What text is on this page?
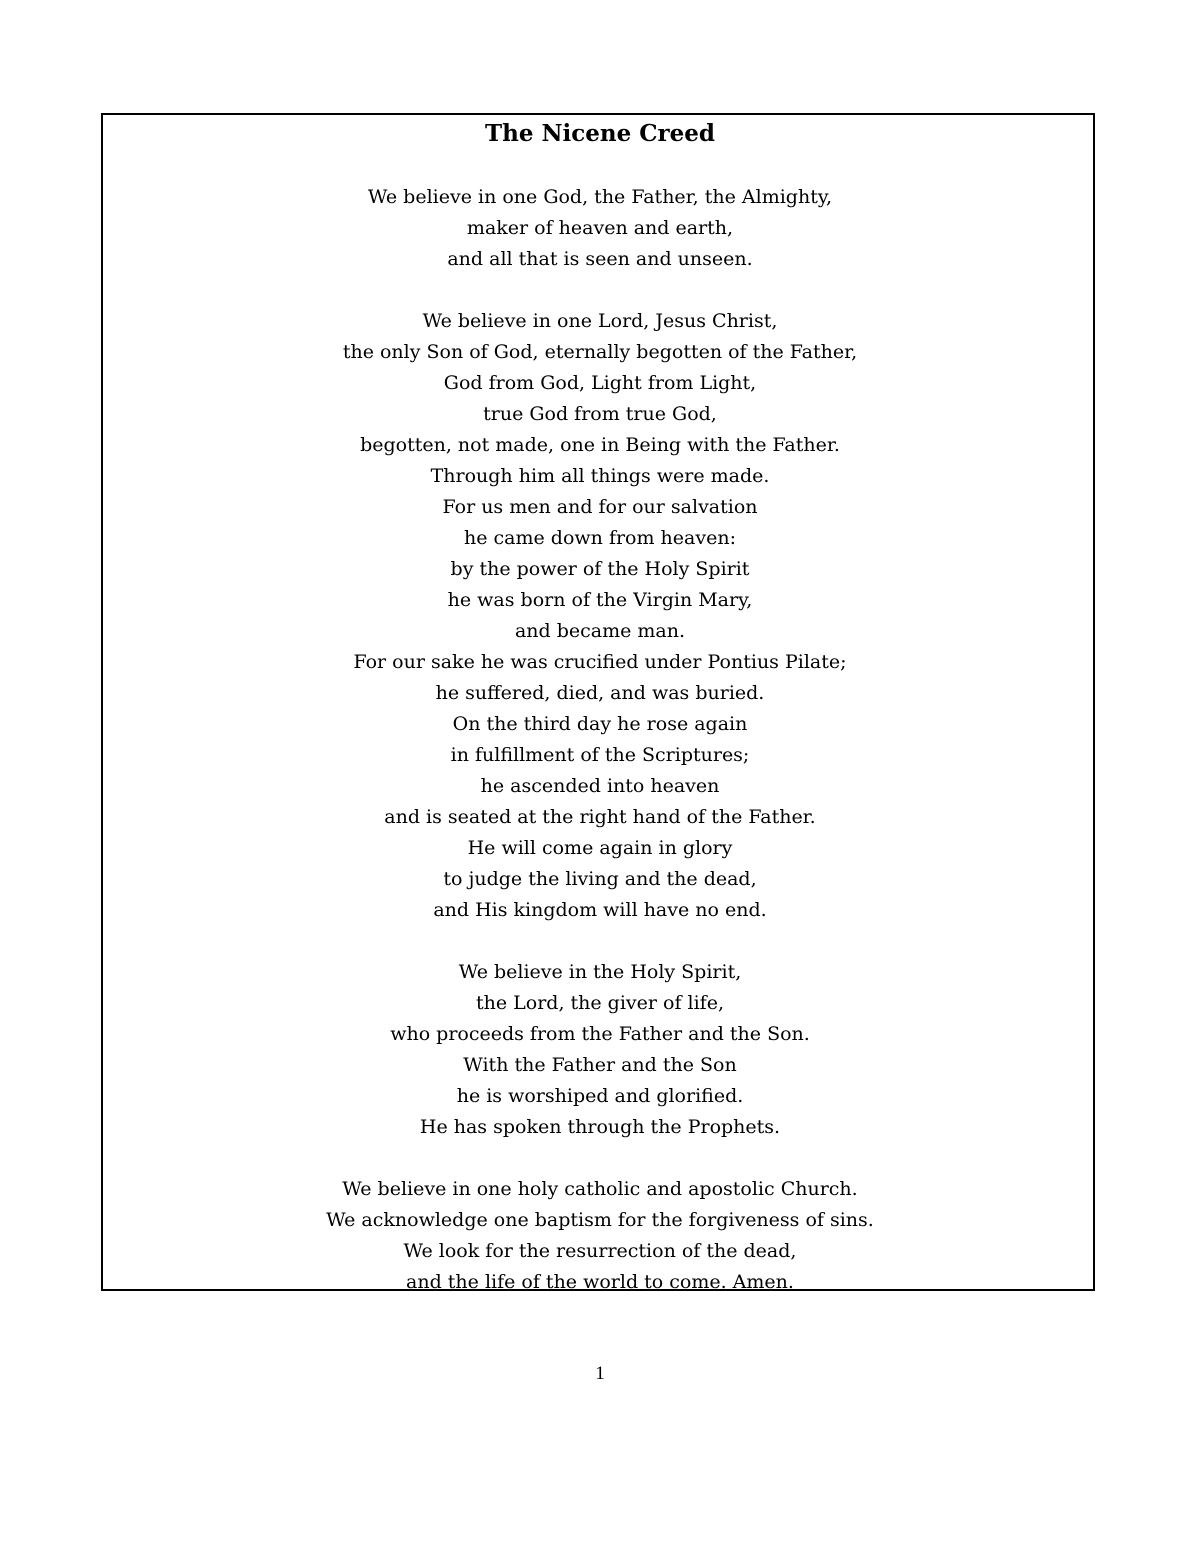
The Nicene Creed
We believe in one God, the Father, the Almighty,
maker of heaven and earth,
and all that is seen and unseen.
We believe in one Lord, Jesus Christ,
the only Son of God, eternally begotten of the Father,
God from God, Light from Light,
true God from true God,
begotten, not made, one in Being with the Father.
Through him all things were made.
For us men and for our salvation
he came down from heaven:
by the power of the Holy Spirit
he was born of the Virgin Mary,
and became man.
For our sake he was crucified under Pontius Pilate;
he suffered, died, and was buried.
On the third day he rose again
in fulfillment of the Scriptures;
he ascended into heaven
and is seated at the right hand of the Father.
He will come again in glory
to judge the living and the dead,
and His kingdom will have no end.
We believe in the Holy Spirit,
the Lord, the giver of life,
who proceeds from the Father and the Son.
With the Father and the Son
he is worshiped and glorified.
He has spoken through the Prophets.
We believe in one holy catholic and apostolic Church.
We acknowledge one baptism for the forgiveness of sins.
We look for the resurrection of the dead,
and the life of the world to come. Amen.
1
